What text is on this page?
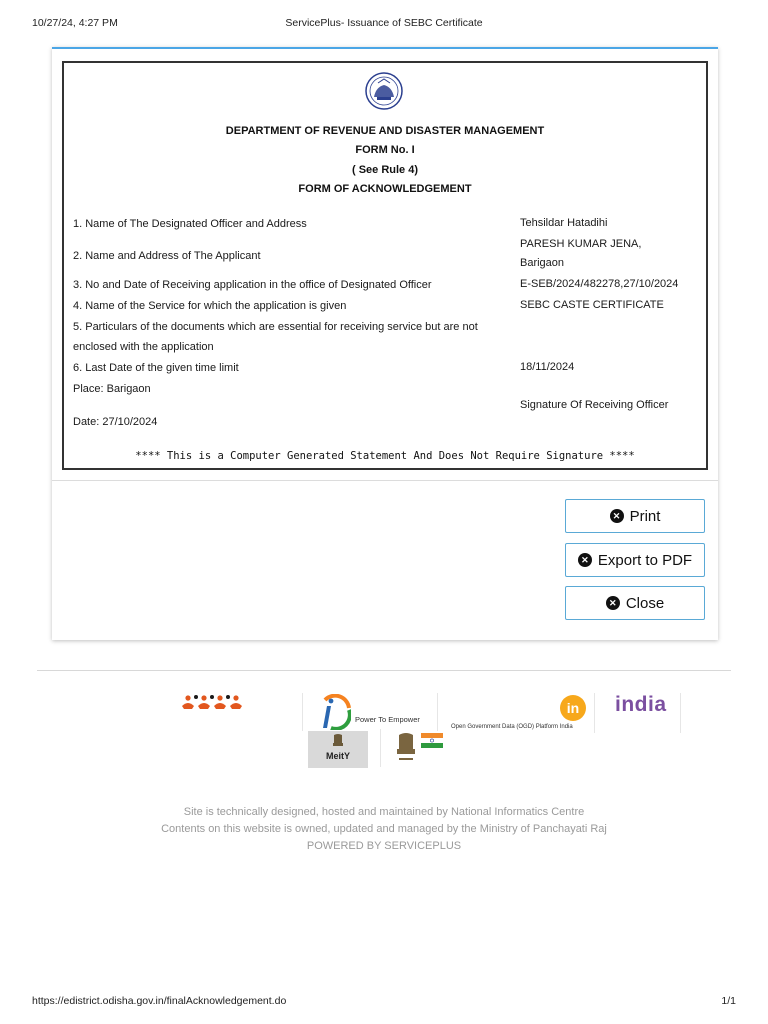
10/27/24, 4:27 PM	ServicePlus- Issuance of SEBC Certificate
DEPARTMENT OF REVENUE AND DISASTER MANAGEMENT
FORM No. I
( See Rule 4)
FORM OF ACKNOWLEDGEMENT
1. Name of The Designated Officer and Address	Tehsildar Hatadihi
2. Name and Address of The Applicant
PARESH KUMAR JENA,
Barigaon
3. No and Date of Receiving application in the office of Designated Officer	E-SEB/2024/482278,27/10/2024
4. Name of the Service for which the application is given	SEBC CASTE CERTIFICATE
5. Particulars of the documents which are essential for receiving service but are not
enclosed with the application
6. Last Date of the given time limit	18/11/2024
Place: Barigaon
Signature Of Receiving Officer
Date: 27/10/2024
**** This is a Computer Generated Statement And Does Not Require Signature ****
✕ Print
✕ Export to PDF
✕ Close
Power To Empower
in
Open Government Data (OGD) Platform India
india
MeitY
Site is technically designed, hosted and maintained by National Informatics Centre
Contents on this website is owned, updated and managed by the Ministry of Panchayati Raj
POWERED BY SERVICEPLUS
https://edistrict.odisha.gov.in/finalAcknowledgement.do	1/1
